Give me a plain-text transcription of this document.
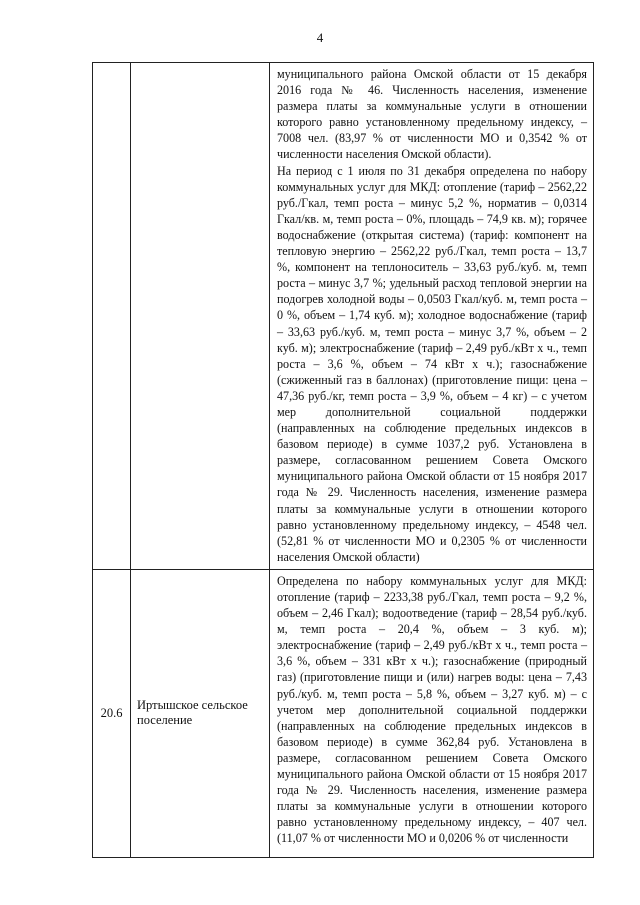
4

		муниципального района Омской области от 15 декабря 2016 года № 46. Численность населения, изменение размера платы за коммунальные услуги в отношении которого равно установленному предельному индексу, – 7008 чел. (83,97 % от численности МО и 0,3542 % от численности населения Омской области).

На период с 1 июля по 31 декабря определена по набору коммунальных услуг для МКД: отопление (тариф – 2562,22 руб./Гкал, темп роста – минус 5,2 %, норматив – 0,0314 Гкал/кв. м, темп роста – 0%, площадь – 74,9 кв. м); горячее водоснабжение (открытая система) (тариф: компонент на тепловую энергию – 2562,22 руб./Гкал, темп роста – 13,7 %, компонент на теплоноситель – 33,63 руб./куб. м, темп роста – минус 3,7 %; удельный расход тепловой энергии на подогрев холодной воды – 0,0503 Гкал/куб. м, темп роста – 0 %, объем – 1,74 куб. м); холодное водоснабжение (тариф – 33,63 руб./куб. м, темп роста – минус 3,7 %, объем – 2 куб. м); электроснабжение (тариф – 2,49 руб./кВт х ч., темп роста – 3,6 %, объем – 74 кВт х ч.); газоснабжение (сжиженный газ в баллонах) (приготовление пищи: цена – 47,36 руб./кг, темп роста – 3,9 %, объем – 4 кг) – с учетом мер дополнительной социальной поддержки (направленных на соблюдение предельных индексов в базовом периоде) в сумме 1037,2 руб. Установлена в размере, согласованном решением Совета Омского муниципального района Омской области от 15 ноября 2017 года № 29. Численность населения, изменение размера платы за коммунальные услуги в отношении которого равно установленному предельному индексу, – 4548 чел. (52,81 % от численности МО и 0,2305 % от численности населения Омской области)

20.6	Иртышское сельское поселение	Определена по набору коммунальных услуг для МКД: отопление (тариф – 2233,38 руб./Гкал, темп роста – 9,2 %, объем – 2,46 Гкал); водоотведение (тариф – 28,54 руб./куб. м, темп роста – 20,4 %, объем – 3 куб. м); электроснабжение (тариф – 2,49 руб./кВт х ч., темп роста – 3,6 %, объем – 331 кВт х ч.); газоснабжение (природный газ) (приготовление пищи и (или) нагрев воды: цена – 7,43 руб./куб. м, темп роста – 5,8 %, объем – 3,27 куб. м) – с учетом мер дополнительной социальной поддержки (направленных на соблюдение предельных индексов в базовом периоде) в сумме 362,84 руб. Установлена в размере, согласованном решением Совета Омского муниципального района Омской области от 15 ноября 2017 года № 29. Численность населения, изменение размера платы за коммунальные услуги в отношении которого равно установленному предельному индексу, – 407 чел. (11,07 % от численности МО и 0,0206 % от численности
